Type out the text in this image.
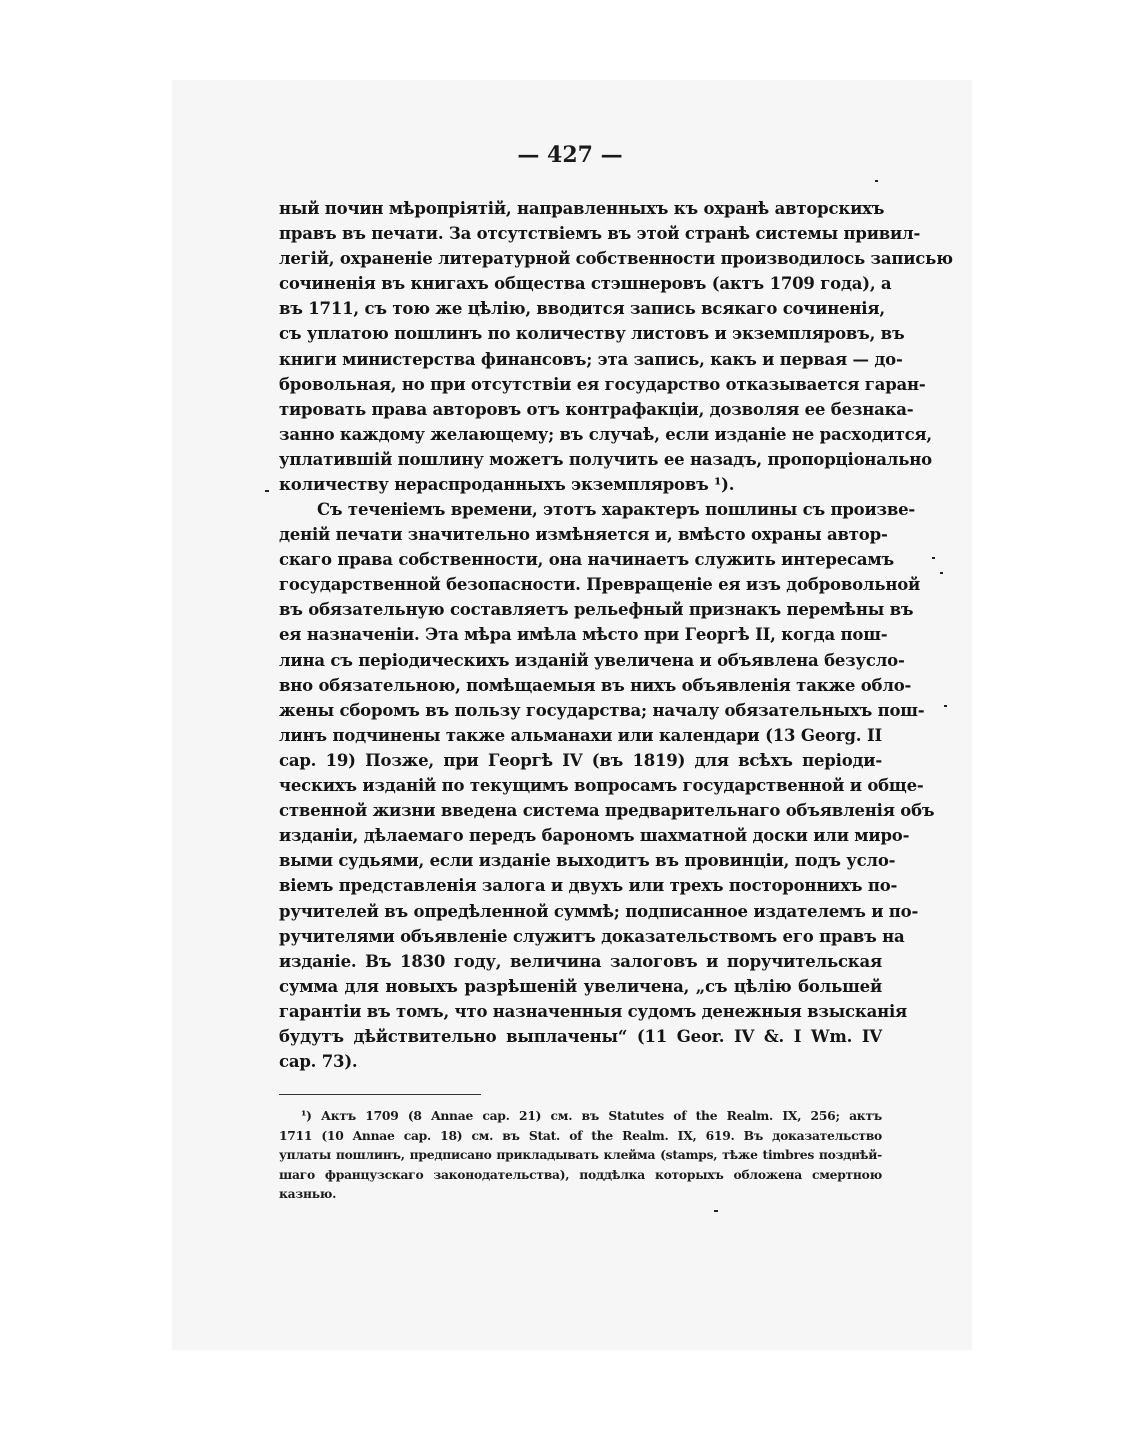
— 427 —
ный почин мѣропріятій, направленныхъ къ охранѣ авторскихъ
правъ въ печати. За отсутствіемъ въ этой странѣ системы привил-
легій, охраненіе литературной собственности производилось записью
сочиненія въ книгахъ общества стэшнеровъ (актъ 1709 года), а
въ 1711, съ тою же цѣлію, вводится запись всякаго сочиненія,
съ уплатою пошлинъ по количеству листовъ и экземпляровъ, въ
книги министерства финансовъ; эта запись, какъ и первая — до-
бровольная, но при отсутствіи ея государство отказывается гаран-
тировать права авторовъ отъ контрафакціи, дозволяя ее безнака-
занно каждому желающему; въ случаѣ, если изданіе не расходится,
уплатившій пошлину можетъ получить ее назадъ, пропорціонально
количеству нераспроданныхъ экземпляровъ ¹).
Съ теченіемъ времени, этотъ характеръ пошлины съ произве-
деній печати значительно измѣняется и, вмѣсто охраны автор-
скаго права собственности, она начинаетъ служить интересамъ
государственной безопасности. Превращеніе ея изъ добровольной
въ обязательную составляетъ рельефный признакъ перемѣны въ
ея назначеніи. Эта мѣра имѣла мѣсто при Георгѣ II, когда пош-
лина съ періодическихъ изданій увеличена и объявлена безусло-
вно обязательною, помѣщаемыя въ нихъ объявленія также обло-
жены сборомъ въ пользу государства; началу обязательныхъ пош-
линъ подчинены также альманахи или календари (13 Georg. II
cap. 19) Позже, при Георгѣ IV (въ 1819) для всѣхъ періоди-
ческихъ изданій по текущимъ вопросамъ государственной и обще-
ственной жизни введена система предварительнаго объявленія объ
изданіи, дѣлаемаго передъ барономъ шахматной доски или миро-
выми судьями, если изданіе выходитъ въ провинціи, подъ усло-
віемъ представленія залога и двухъ или трехъ постороннихъ по-
ручителей въ опредѣленной суммѣ; подписанное издателемъ и по-
ручителями объявленіе служитъ доказательствомъ его правъ на
изданіе. Въ 1830 году, величина залоговъ и поручительская
сумма для новыхъ разрѣшеній увеличена, „съ цѣлію большей
гарантіи въ томъ, что назначенныя судомъ денежныя взысканія
будутъ дѣйствительно выплачены“ (11 Geor. IV &. I Wm. IV
cap. 73).
¹) Актъ 1709 (8 Annae cap. 21) см. въ Statutes of the Realm. IX, 256; актъ
1711 (10 Annae cap. 18) см. въ Stat. of the Realm. IX, 619. Въ доказательство
уплаты пошлинъ, предписано прикладывать клейма (stamps, тѣже timbres позднѣй-
шаго французскаго законодательства), поддѣлка которыхъ обложена смертною
казнью.
